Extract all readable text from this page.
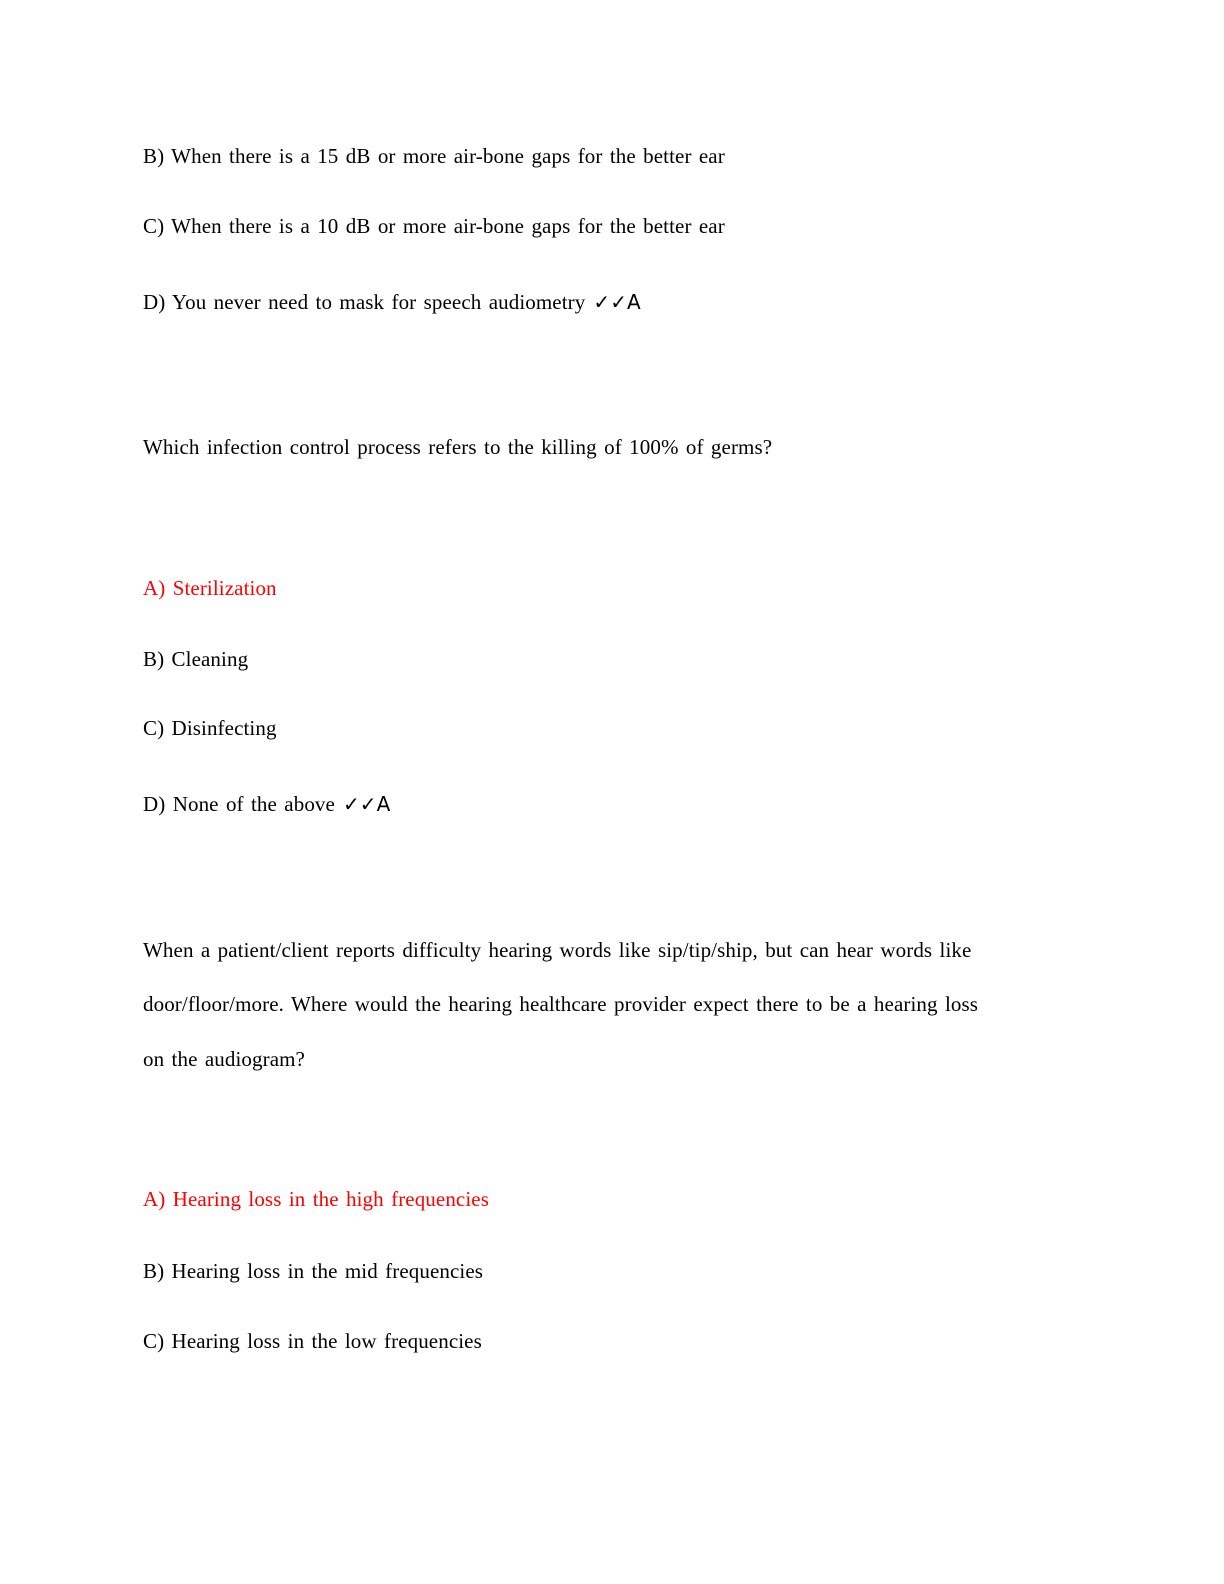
B) When there is a 15 dB or more air-bone gaps for the better ear
C) When there is a 10 dB or more air-bone gaps for the better ear
D) You never need to mask for speech audiometry ✓✓A
Which infection control process refers to the killing of 100% of germs?
A) Sterilization
B) Cleaning
C) Disinfecting
D) None of the above ✓✓A
When a patient/client reports difficulty hearing words like sip/tip/ship, but can hear words like
door/floor/more. Where would the hearing healthcare provider expect there to be a hearing loss
on the audiogram?
A) Hearing loss in the high frequencies
B) Hearing loss in the mid frequencies
C) Hearing loss in the low frequencies
